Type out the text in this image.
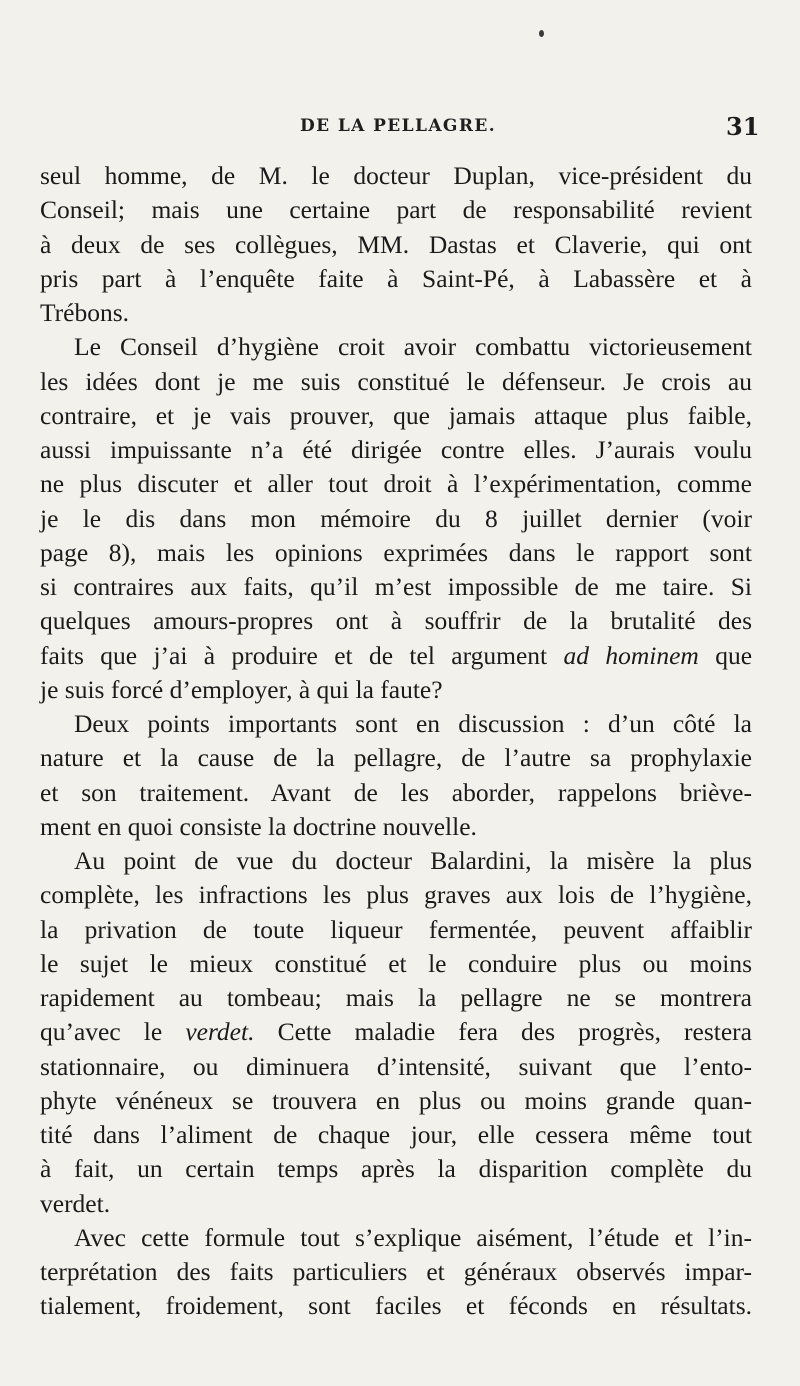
DE LA PELLAGRE.	31
seul homme, de M. le docteur Duplan, vice-président du
Conseil; mais une certaine part de responsabilité revient
à deux de ses collègues, MM. Dastas et Claverie, qui ont
pris part à l’enquête faite à Saint-Pé, à Labassère et à
Trébons.
Le Conseil d’hygiène croit avoir combattu victorieusement
les idées dont je me suis constitué le défenseur. Je crois au
contraire, et je vais prouver, que jamais attaque plus faible,
aussi impuissante n’a été dirigée contre elles. J’aurais voulu
ne plus discuter et aller tout droit à l’expérimentation, comme
je le dis dans mon mémoire du 8 juillet dernier (voir
page 8), mais les opinions exprimées dans le rapport sont
si contraires aux faits, qu’il m’est impossible de me taire. Si
quelques amours-propres ont à souffrir de la brutalité des
faits que j’ai à produire et de tel argument ad hominem que
je suis forcé d’employer, à qui la faute?
Deux points importants sont en discussion : d’un côté la
nature et la cause de la pellagre, de l’autre sa prophylaxie
et son traitement. Avant de les aborder, rappelons briève-
ment en quoi consiste la doctrine nouvelle.
Au point de vue du docteur Balardini, la misère la plus
complète, les infractions les plus graves aux lois de l’hygiène,
la privation de toute liqueur fermentée, peuvent affaiblir
le sujet le mieux constitué et le conduire plus ou moins
rapidement au tombeau; mais la pellagre ne se montrera
qu’avec le verdet. Cette maladie fera des progrès, restera
stationnaire, ou diminuera d’intensité, suivant que l’ento-
phyte vénéneux se trouvera en plus ou moins grande quan-
tité dans l’aliment de chaque jour, elle cessera même tout
à fait, un certain temps après la disparition complète du
verdet.
Avec cette formule tout s’explique aisément, l’étude et l’in-
terprétation des faits particuliers et généraux observés impar-
tialement, froidement, sont faciles et féconds en résultats.
